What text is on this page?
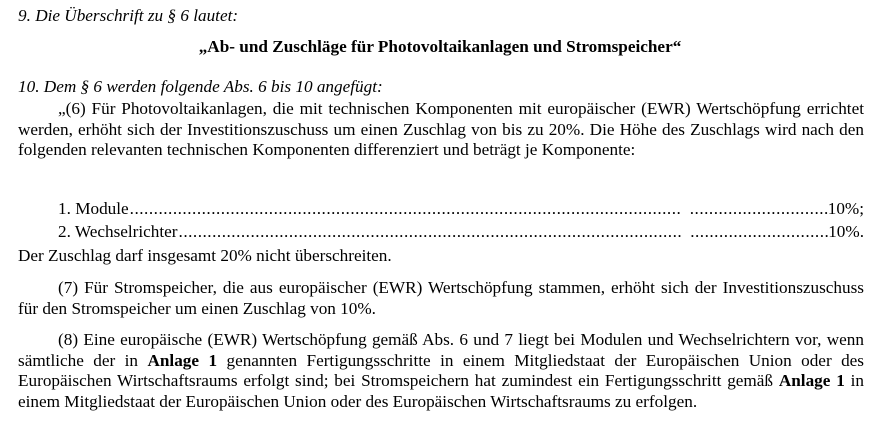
9. Die Überschrift zu § 6 lautet:
„Ab- und Zuschläge für Photovoltaikanlagen und Stromspeicher“
10. Dem § 6 werden folgende Abs. 6 bis 10 angefügt:
„(6) Für Photovoltaikanlagen, die mit technischen Komponenten mit europäischer (EWR) Wertschöpfung errichtet werden, erhöht sich der Investitionszuschuss um einen Zuschlag von bis zu 20%. Die Höhe des Zuschlags wird nach den folgenden relevanten technischen Komponenten differenziert und beträgt je Komponente:
1. Module ..... .....	10%;
2. Wechselrichter ..... .....	10%.
Der Zuschlag darf insgesamt 20% nicht überschreiten.
(7) Für Stromspeicher, die aus europäischer (EWR) Wertschöpfung stammen, erhöht sich der Investitionszuschuss für den Stromspeicher um einen Zuschlag von 10%.
(8) Eine europäische (EWR) Wertschöpfung gemäß Abs. 6 und 7 liegt bei Modulen und Wechselrichtern vor, wenn sämtliche der in Anlage 1 genannten Fertigungsschritte in einem Mitgliedstaat der Europäischen Union oder des Europäischen Wirtschaftsraums erfolgt sind; bei Stromspeichern hat zumindest ein Fertigungsschritt gemäß Anlage 1 in einem Mitgliedstaat der Europäischen Union oder des Europäischen Wirtschaftsraums zu erfolgen.
